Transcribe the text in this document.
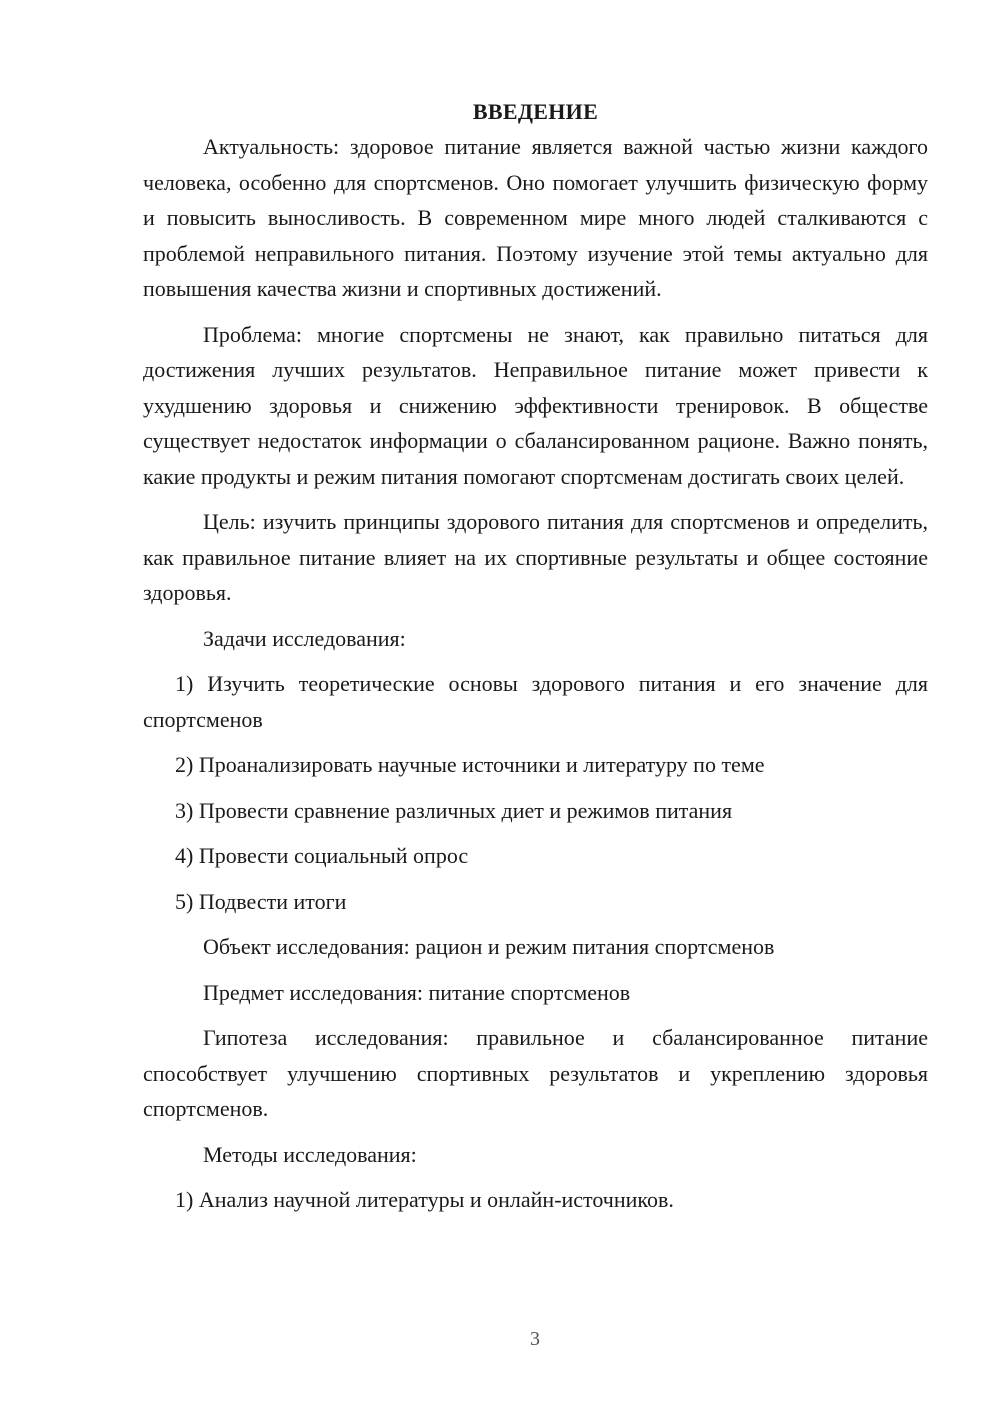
ВВЕДЕНИЕ

Актуальность: здоровое питание является важной частью жизни каждого человека, особенно для спортсменов. Оно помогает улучшить физическую форму и повысить выносливость. В современном мире много людей сталкиваются с проблемой неправильного питания. Поэтому изучение этой темы актуально для повышения качества жизни и спортивных достижений.

Проблема: многие спортсмены не знают, как правильно питаться для достижения лучших результатов. Неправильное питание может привести к ухудшению здоровья и снижению эффективности тренировок. В обществе существует недостаток информации о сбалансированном рационе. Важно понять, какие продукты и режим питания помогают спортсменам достигать своих целей.

Цель: изучить принципы здорового питания для спортсменов и определить, как правильное питание влияет на их спортивные результаты и общее состояние здоровья.

Задачи исследования:

1) Изучить теоретические основы здорового питания и его значение для спортсменов

2) Проанализировать научные источники и литературу по теме

3) Провести сравнение различных диет и режимов питания

4) Провести социальный опрос

5) Подвести итоги

Объект исследования: рацион и режим питания спортсменов

Предмет исследования: питание спортсменов

Гипотеза исследования: правильное и сбалансированное питание способствует улучшению спортивных результатов и укреплению здоровья спортсменов.

Методы исследования:

1) Анализ научной литературы и онлайн-источников.

3
